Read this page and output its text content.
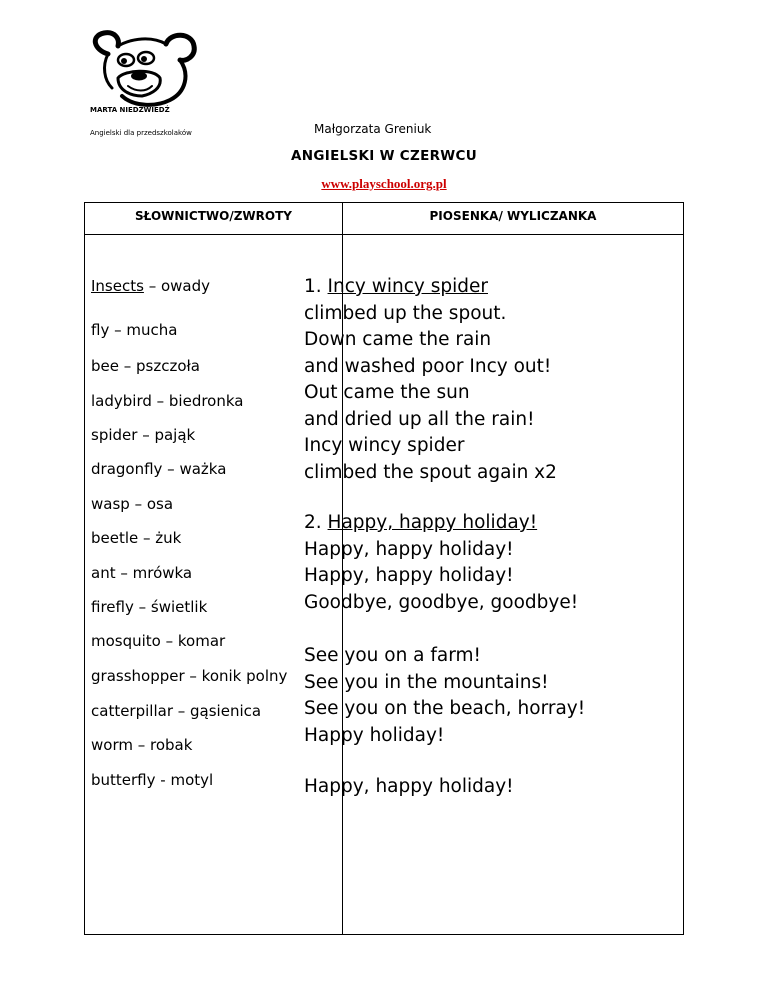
MARTA NIEDŹWIEDŹ
Angielski dla przedszkolaków	Małgorzata Greniuk
ANGIELSKI W CZERWCU
www.playschool.org.pl
SŁOWNICTWO/ZWROTY	PIOSENKA/ WYLICZANKA
Insects – owady
fly – mucha
bee – pszczoła
ladybird – biedronka
spider – pająk
dragonfly – ważka
wasp – osa
beetle – żuk
ant – mrówka
firefly – świetlik
mosquito – komar
grasshopper – konik polny
catterpillar – gąsienica
worm – robak
butterfly - motyl
1. Incy wincy spider
climbed up the spout.
Down came the rain
and washed poor Incy out!
Out came the sun
and dried up all the rain!
Incy wincy spider
climbed the spout again x2
2. Happy, happy holiday!
Happy, happy holiday!
Happy, happy holiday!
Goodbye, goodbye, goodbye!
See you on a farm!
See you in the mountains!
See you on the beach, horray!
Happy holiday!
Happy, happy holiday!
